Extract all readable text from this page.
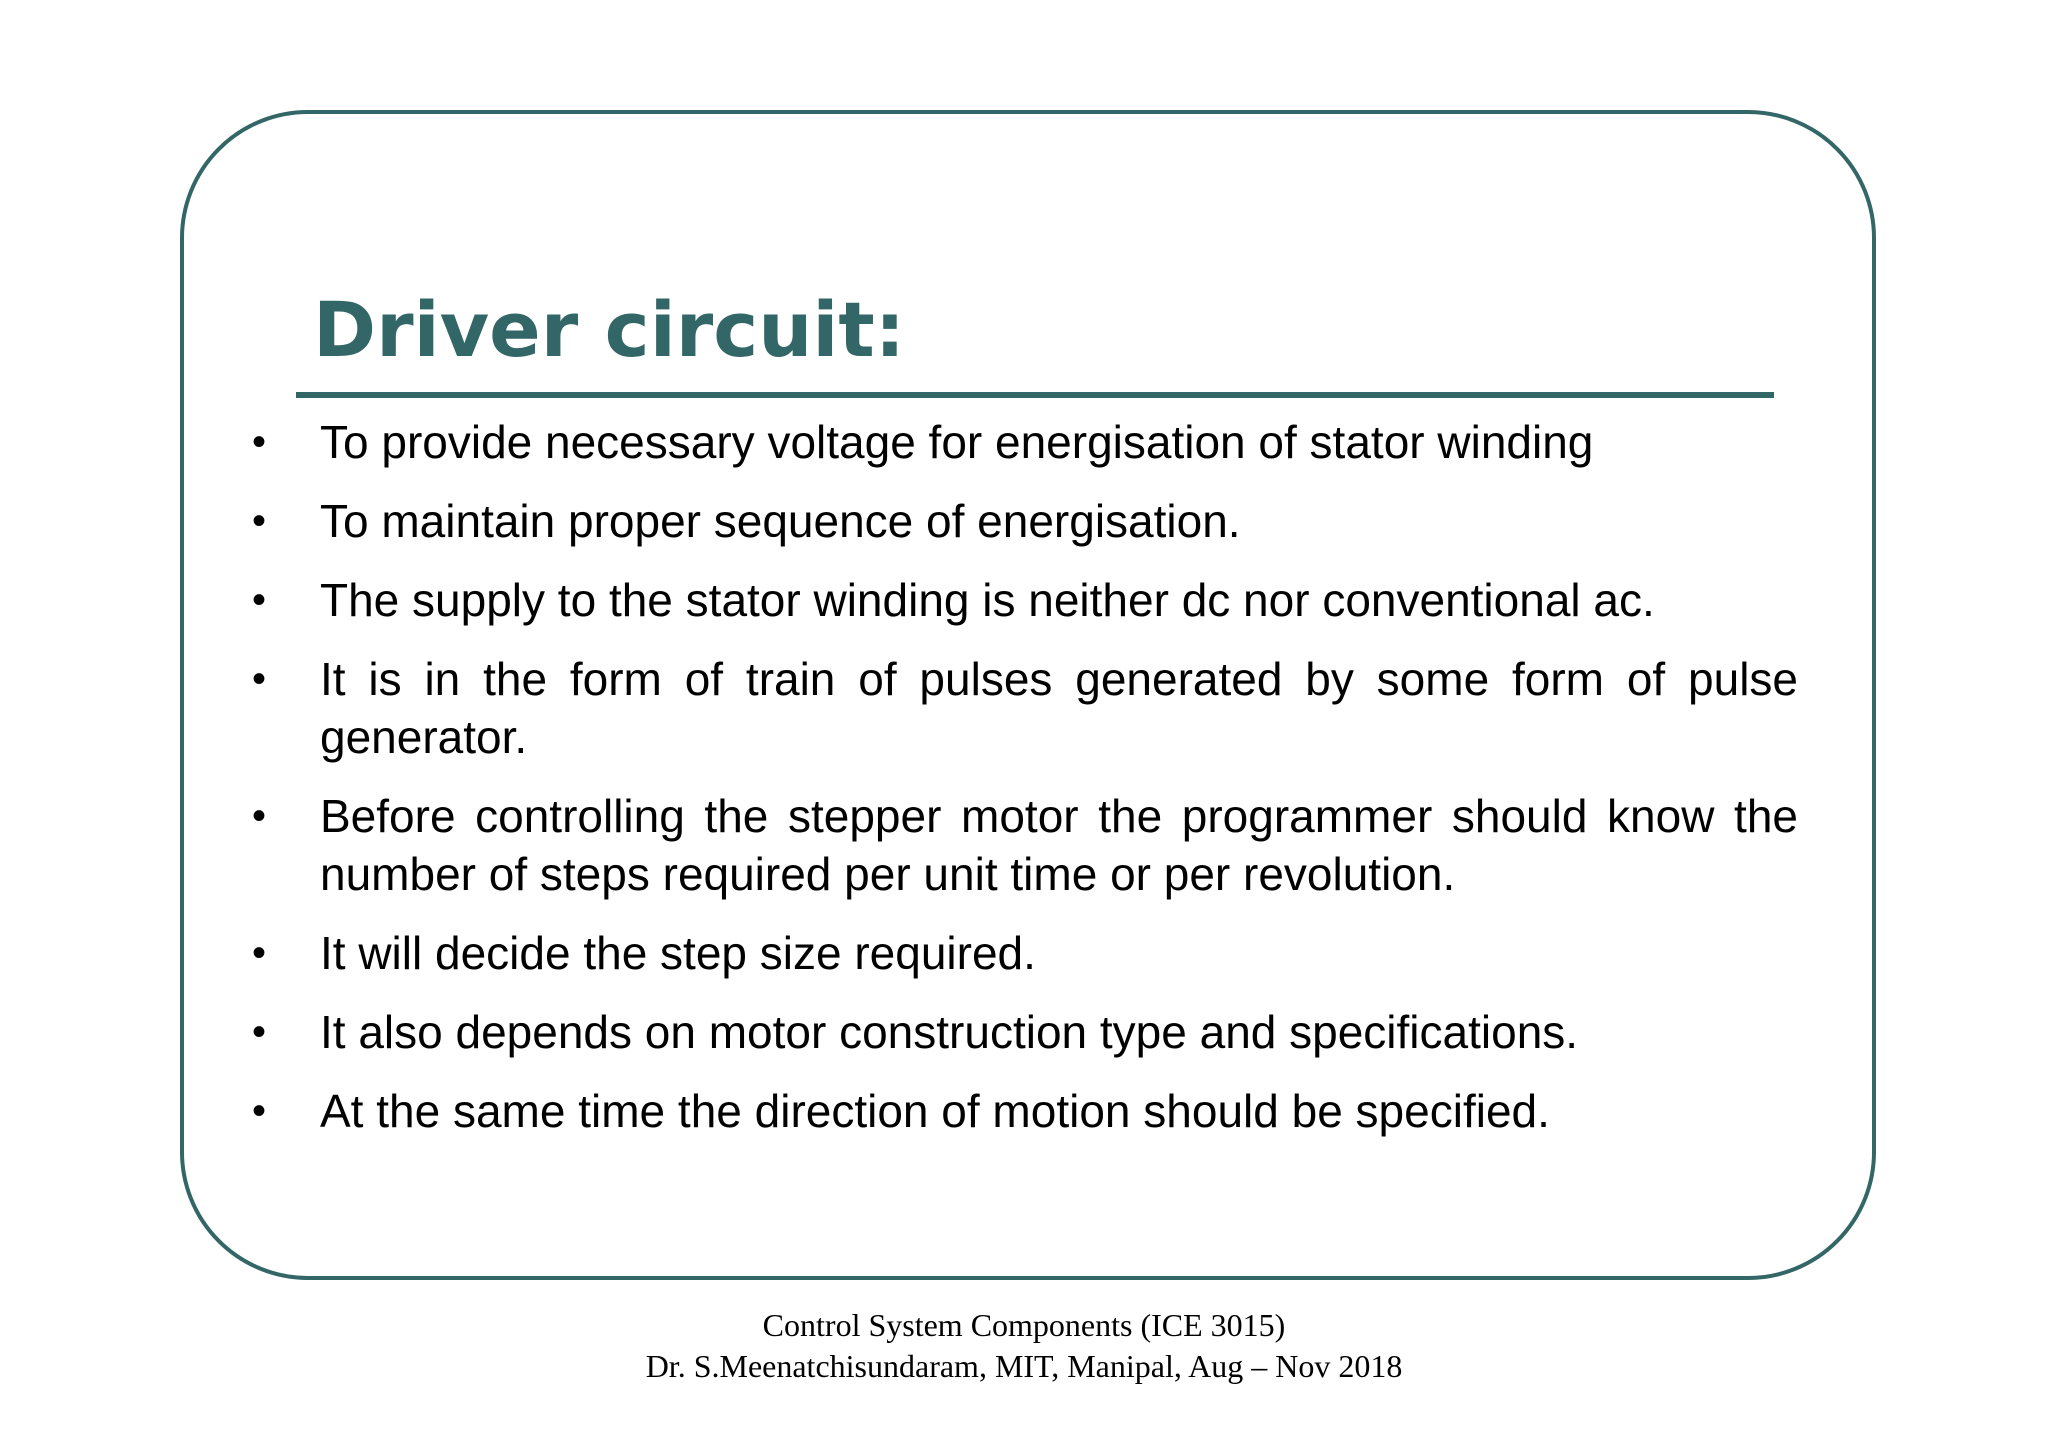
Driver circuit:
• To provide necessary voltage for energisation of stator winding
• To maintain proper sequence of energisation.
• The supply to the stator winding is neither dc nor conventional ac.
• It is in the form of train of pulses generated by some form of pulse generator.
• Before controlling the stepper motor the programmer should know the number of steps required per unit time or per revolution.
• It will decide the step size required.
• It also depends on motor construction type and specifications.
• At the same time the direction of motion should be specified.
Control System Components (ICE 3015)
Dr. S.Meenatchisundaram, MIT, Manipal, Aug – Nov 2018
